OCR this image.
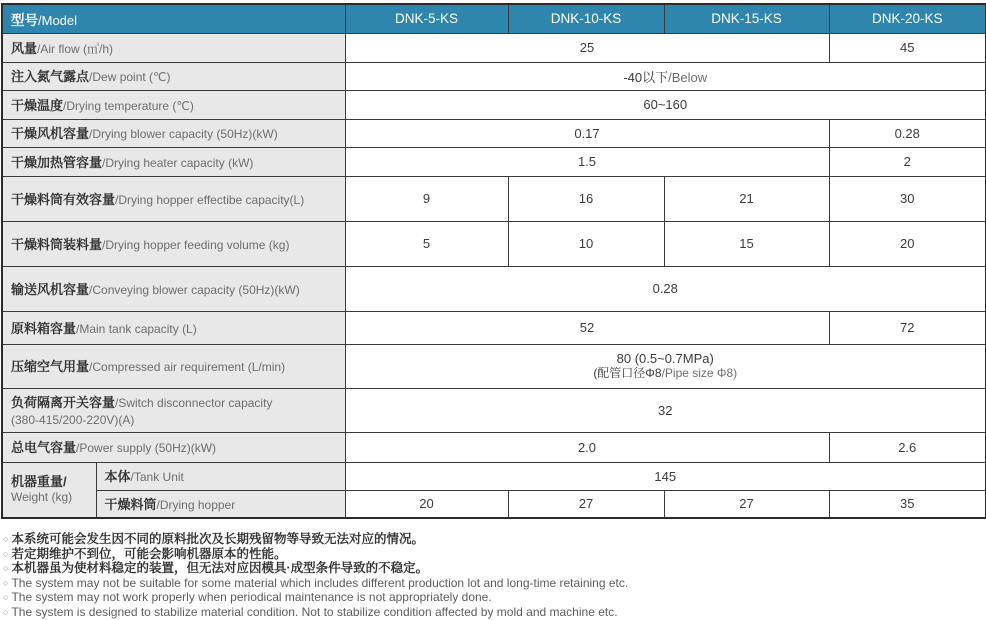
型号/Model		DNK-5-KS	DNK-10-KS	DNK-15-KS	DNK-20-KS
风量/Air flow (㎥/h)		25			45
注入氮气露点/Dew point (℃)		-40以下/Below			
干燥温度/Drying temperature (℃)		60~160			
干燥风机容量/Drying blower capacity (50Hz)(kW)		0.17			0.28
干燥加热管容量/Drying heater capacity (kW)		1.5			2
干燥料筒有效容量/Drying hopper effectibe capacity(L)		9	16	21	30
干燥料筒装料量/Drying hopper feeding volume (kg)		5	10	15	20
输送风机容量/Conveying blower capacity (50Hz)(kW)		0.28			
原料箱容量/Main tank capacity (L)		52			72
压缩空气用量/Compressed air requirement (L/min)		80 (0.5~0.7MPa)
(配管口径Φ8/Pipe size Φ8)			

负荷隔离开关容量/Switch disconnector capacity
(380-415/200-220V)(A)		32			
总电气容量/Power supply (50Hz)(kW)		2.0			2.6

机器重量/
Weight (kg)	本体/Tank Unit	145			
	干燥料筒/Drying hopper	20	27	27	35
○ 本系统可能会发生因不同的原料批次及长期残留物等导致无法对应的情况。
○ 若定期维护不到位，可能会影响机器原本的性能。
○ 本机器虽为使材料稳定的装置，但无法对应因模具·成型条件导致的不稳定。
○ The system may not be suitable for some material which includes different production lot and long-time retaining etc.
○ The system may not work properly when periodical maintenance is not appropriately done.
○ The system is designed to stabilize material condition. Not to stabilize condition affected by mold and machine etc.
